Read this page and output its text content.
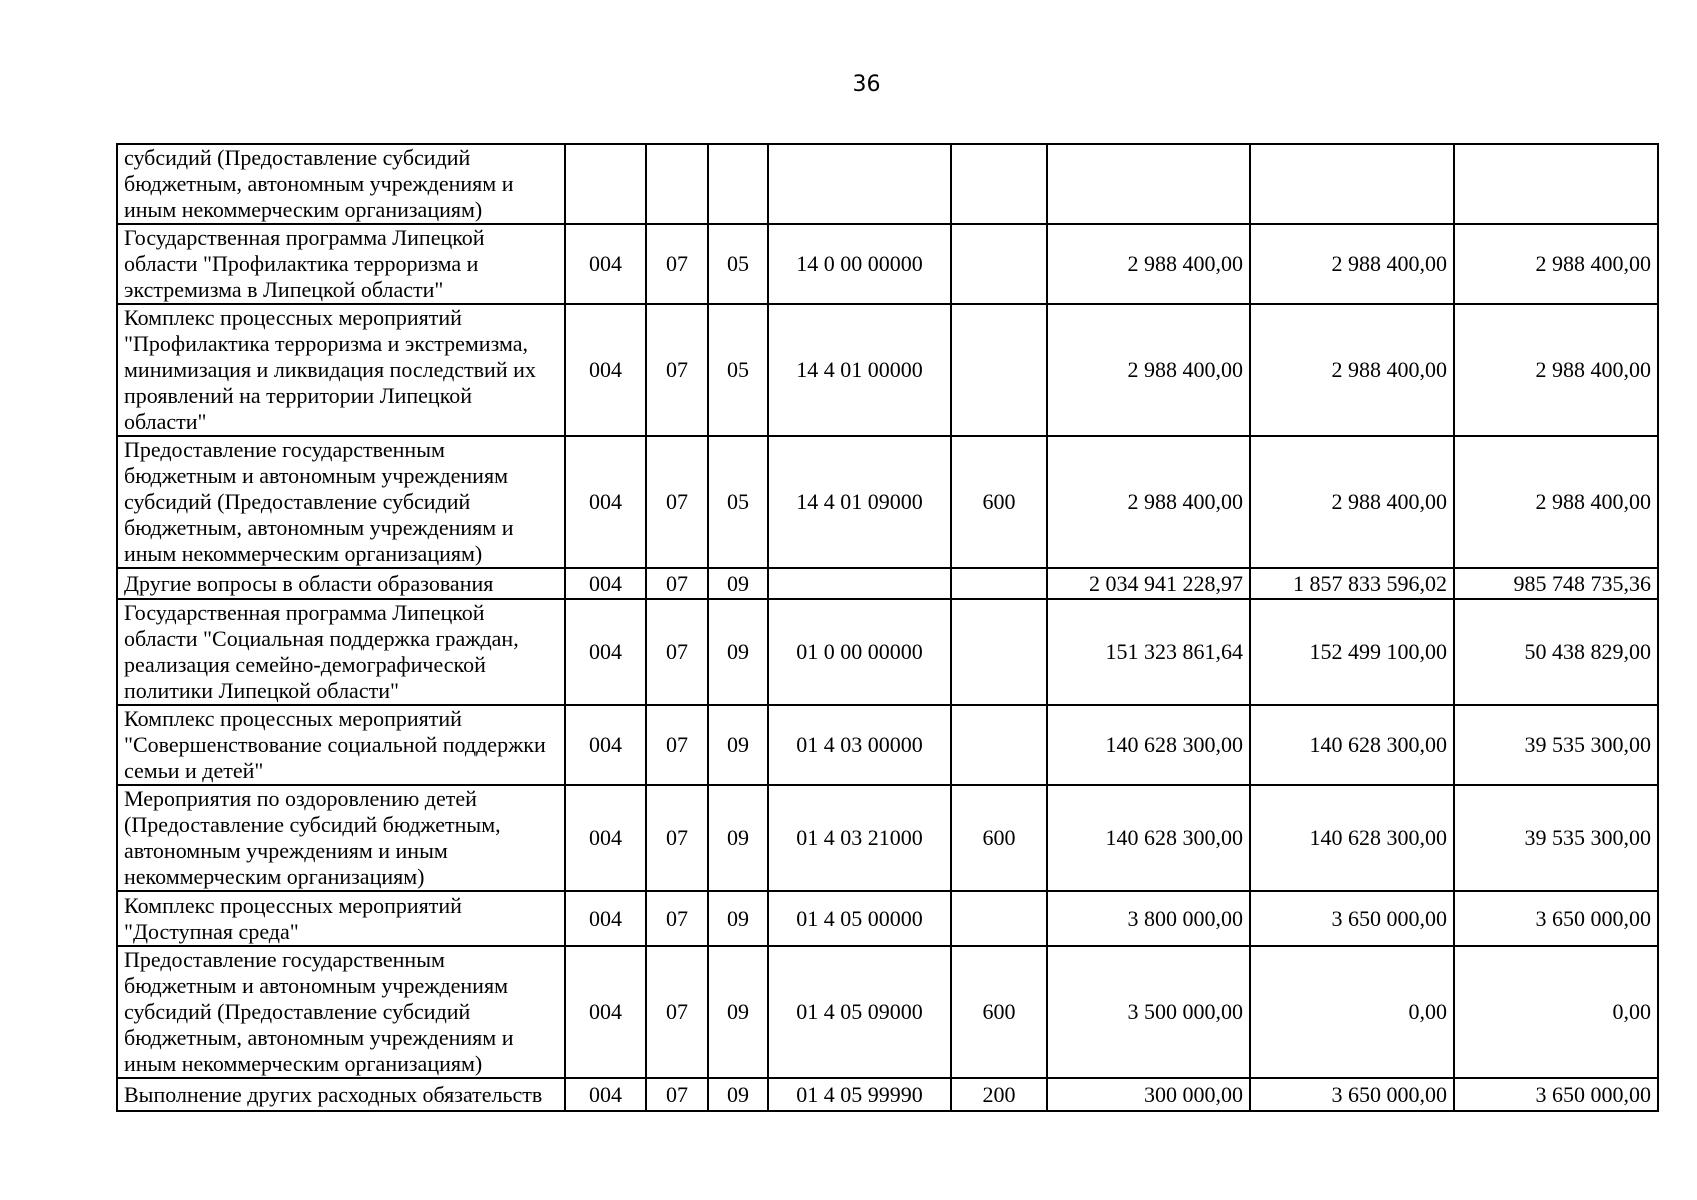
36
субсидий (Предоставление субсидий бюджетным, автономным учреждениям и иным некоммерческим организациям)								
Государственная программа Липецкой области "Профилактика терроризма и экстремизма в Липецкой области"	004	07	05	14 0 00 00000		2 988 400,00	2 988 400,00	2 988 400,00
Комплекс процессных мероприятий "Профилактика терроризма и экстремизма, минимизация и ликвидация последствий их проявлений на территории Липецкой области"	004	07	05	14 4 01 00000		2 988 400,00	2 988 400,00	2 988 400,00
Предоставление государственным бюджетным и автономным учреждениям субсидий (Предоставление субсидий бюджетным, автономным учреждениям и иным некоммерческим организациям)	004	07	05	14 4 01 09000	600	2 988 400,00	2 988 400,00	2 988 400,00
Другие вопросы в области образования	004	07	09			2 034 941 228,97	1 857 833 596,02	985 748 735,36
Государственная программа Липецкой области "Социальная поддержка граждан, реализация семейно-демографической политики Липецкой области"	004	07	09	01 0 00 00000		151 323 861,64	152 499 100,00	50 438 829,00
Комплекс процессных мероприятий "Совершенствование социальной поддержки семьи и детей"	004	07	09	01 4 03 00000		140 628 300,00	140 628 300,00	39 535 300,00
Мероприятия по оздоровлению детей (Предоставление субсидий бюджетным, автономным учреждениям и иным некоммерческим организациям)	004	07	09	01 4 03 21000	600	140 628 300,00	140 628 300,00	39 535 300,00
Комплекс процессных мероприятий "Доступная среда"	004	07	09	01 4 05 00000		3 800 000,00	3 650 000,00	3 650 000,00
Предоставление государственным бюджетным и автономным учреждениям субсидий (Предоставление субсидий бюджетным, автономным учреждениям и иным некоммерческим организациям)	004	07	09	01 4 05 09000	600	3 500 000,00	0,00	0,00
Выполнение других расходных обязательств	004	07	09	01 4 05 99990	200	300 000,00	3 650 000,00	3 650 000,00
